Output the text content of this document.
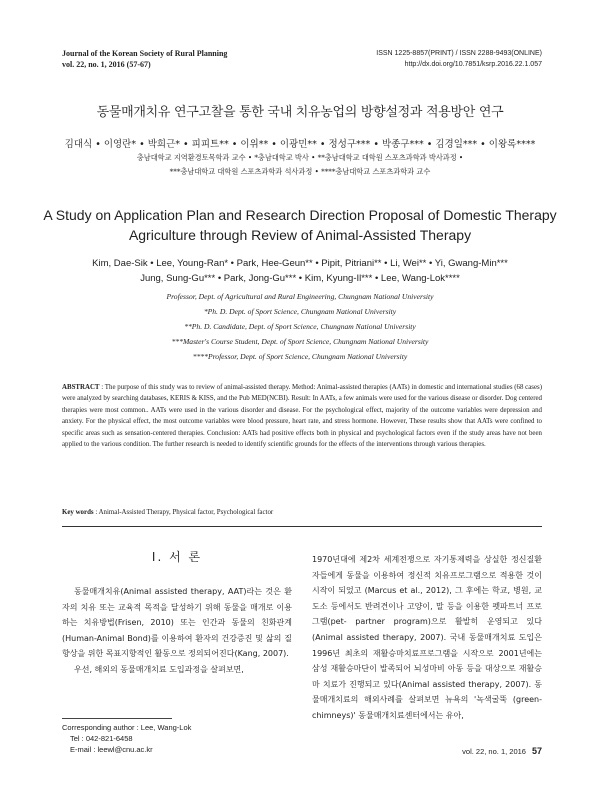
Journal of the Korean Society of Rural Planning
vol. 22, no. 1, 2016 (57-67)
ISSN 1225-8857(PRINT) / ISSN 2288-9493(ONLINE)
http://dx.doi.org/10.7851/ksrp.2016.22.1.057
동물매개치유 연구고찰을 통한 국내 치유농업의 방향설정과 적용방안 연구
김대식 • 이영란* • 박희근* • 피피트** • 이위** • 이광민** • 정성구*** • 박종구*** • 김경일*** • 이왕록****
충남대학교 지역환경토목학과 교수 • *충남대학교 박사 • **충남대학교 대학원 스포츠과학과 박사과정 •
***충남대학교 대학원 스포츠과학과 석사과정 • ****충남대학교 스포츠과학과 교수
A Study on Application Plan and Research Direction Proposal of Domestic Therapy Agriculture through Review of Animal-Assisted Therapy
Kim, Dae-Sik • Lee, Young-Ran* • Park, Hee-Geun** • Pipit, Pitriani** • Li, Wei** • Yi, Gwang-Min***
Jung, Sung-Gu*** • Park, Jong-Gu*** • Kim, Kyung-Il*** • Lee, Wang-Lok****
Professor, Dept. of Agricultural and Rural Engineering, Chungnam National University
*Ph. D. Dept. of Sport Science, Chungnam National University
**Ph. D. Candidate, Dept. of Sport Science, Chungnam National University
***Master's Course Student, Dept. of Sport Science, Chungnam National University
****Professor, Dept. of Sport Science, Chungnam National University
ABSTRACT : The purpose of this study was to review of animal-assisted therapy. Method: Animal-assisted therapies (AATs) in domestic and international studies (68 cases) were analyzed by searching databases, KERIS & KISS, and the Pub MED(NCBI). Result: In AATs, a few animals were used for the various disease or disorder. Dog centered therapies were most common.. AATs were used in the various disorder and disease. For the psychological effect, majority of the outcome variables were depression and anxiety. For the physical effect, the most outcome variables were blood pressure, heart rate, and stress hormone. However, These results show that AATs were confined to specific areas such as sensation-centered therapies. Conclusion: AATs had positive effects both in physical and psychological factors even if the study areas have not been applied to the various condition. The further research is needed to identify scientific grounds for the effects of the interventions through various therapies.
Key words : Animal-Assisted Therapy, Physical factor, Psychological factor
I. 서 론

동물매개치유(Animal assisted therapy, AAT)라는 것은 환자의 치유 또는 교육적 목적을 달성하기 위해 동물을 매개로 이용하는 치유방법(Frisen, 2010) 또는 인간과 동물의 친화관계(Human-Animal Bond)를 이용하여 환자의 건강증진 및 삶의 질 향상을 위한 목표지향적인 활동으로 정의되어진다(Kang, 2007).

우선, 해외의 동물매개치료 도입과정을 살펴보면,

Corresponding author : Lee, Wang-Lok
Tel : 042-821-6458
E-mail : leewl@cnu.ac.kr

1970년대에 제2차 세계전쟁으로 자기통제력을 상실한 정신질환자들에게 동물을 이용하여 정신적 치유프로그램으로 적용한 것이 시작이 되었고 (Marcus et al., 2012), 그 후에는 학교, 병원, 교도소 등에서도 반려견이나 고양이, 말 등을 이용한 펫파트너 프로그램(pet- partner program)으로 활발히 운영되고 있다(Animal assisted therapy, 2007). 국내 동물매개치료 도입은 1996년 최초의 재활승마치료프로그램을 시작으로 2001년에는 삼성 재활승마단이 발족되어 뇌성마비 아동 등을 대상으로 재활승마 치료가 진행되고 있다(Animal assisted therapy, 2007). 동물매개치료의 해외사례를 살펴보면 뉴욕의 '녹색굴뚝 (green-chimneys)' 동물매개치료센터에서는 유아,

vol. 22, no. 1, 2016 57
